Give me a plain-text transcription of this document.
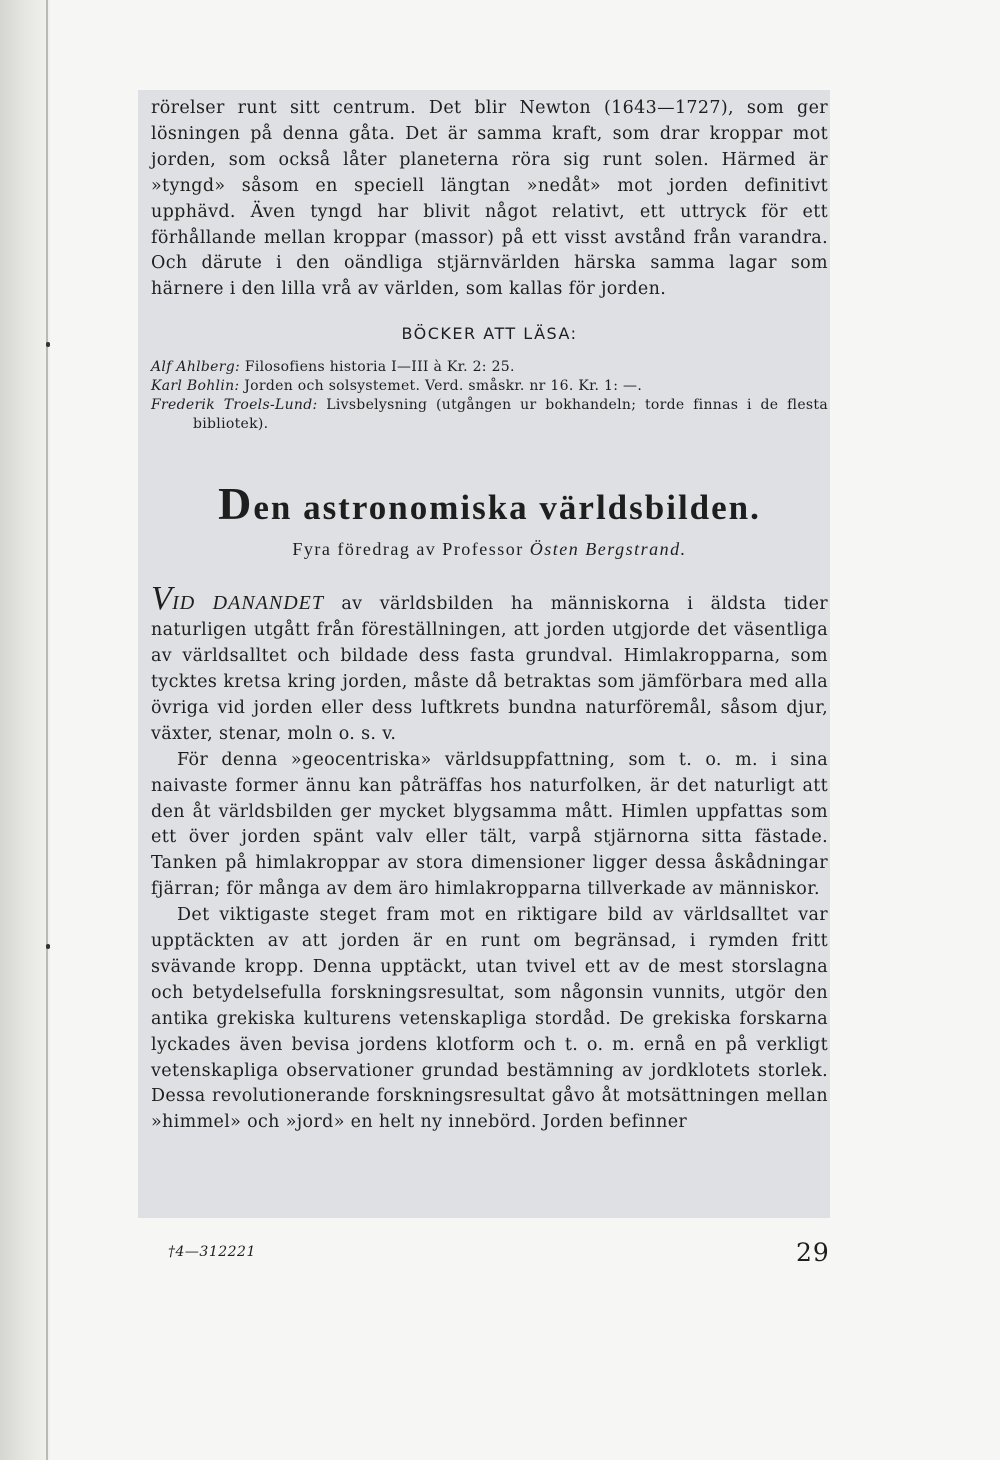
rörelser runt sitt centrum. Det blir Newton (1643—1727), som ger lösningen på denna gåta. Det är samma kraft, som drar kroppar mot jorden, som också låter planeterna röra sig runt solen. Härmed är »tyngd» såsom en speciell längtan »nedåt» mot jorden definitivt upphävd. Även tyngd har blivit något relativt, ett uttryck för ett förhållande mellan kroppar (massor) på ett visst avstånd från varandra. Och därute i den oändliga stjärnvärlden härska samma lagar som härnere i den lilla vrå av världen, som kallas för jorden.

BÖCKER ATT LÄSA:

Alf Ahlberg: Filosofiens historia I—III à Kr. 2: 25.

Karl Bohlin: Jorden och solsystemet. Verd. småskr. nr 16. Kr. 1: —.

Frederik Troels-Lund: Livsbelysning (utgången ur bokhandeln; torde finnas i de flesta bibliotek).

Den astronomiska världsbilden.
Fyra föredrag av Professor Östen Bergstrand.

VID DANANDET av världsbilden ha människorna i äldsta tider naturligen utgått från föreställningen, att jorden utgjorde det väsentliga av världsalltet och bildade dess fasta grundval. Himlakropparna, som tycktes kretsa kring jorden, måste då betraktas som jämförbara med alla övriga vid jorden eller dess luftkrets bundna naturföremål, såsom djur, växter, stenar, moln o. s. v.

För denna »geocentriska» världsuppfattning, som t. o. m. i sina naivaste former ännu kan påträffas hos naturfolken, är det naturligt att den åt världsbilden ger mycket blygsamma mått. Himlen uppfattas som ett över jorden spänt valv eller tält, varpå stjärnorna sitta fästade. Tanken på himlakroppar av stora dimensioner ligger dessa åskådningar fjärran; för många av dem äro himlakropparna tillverkade av människor.

Det viktigaste steget fram mot en riktigare bild av världsalltet var upptäckten av att jorden är en runt om begränsad, i rymden fritt svävande kropp. Denna upptäckt, utan tvivel ett av de mest storslagna och betydelsefulla forskningsresultat, som någonsin vunnits, utgör den antika grekiska kulturens vetenskapliga stordåd. De grekiska forskarna lyckades även bevisa jordens klotform och t. o. m. ernå en på verkligt vetenskapliga observationer grundad bestämning av jordklotets storlek. Dessa revolutionerande forskningsresultat gåvo åt motsättningen mellan »himmel» och »jord» en helt ny innebörd. Jorden befinner

†4—312221	29
